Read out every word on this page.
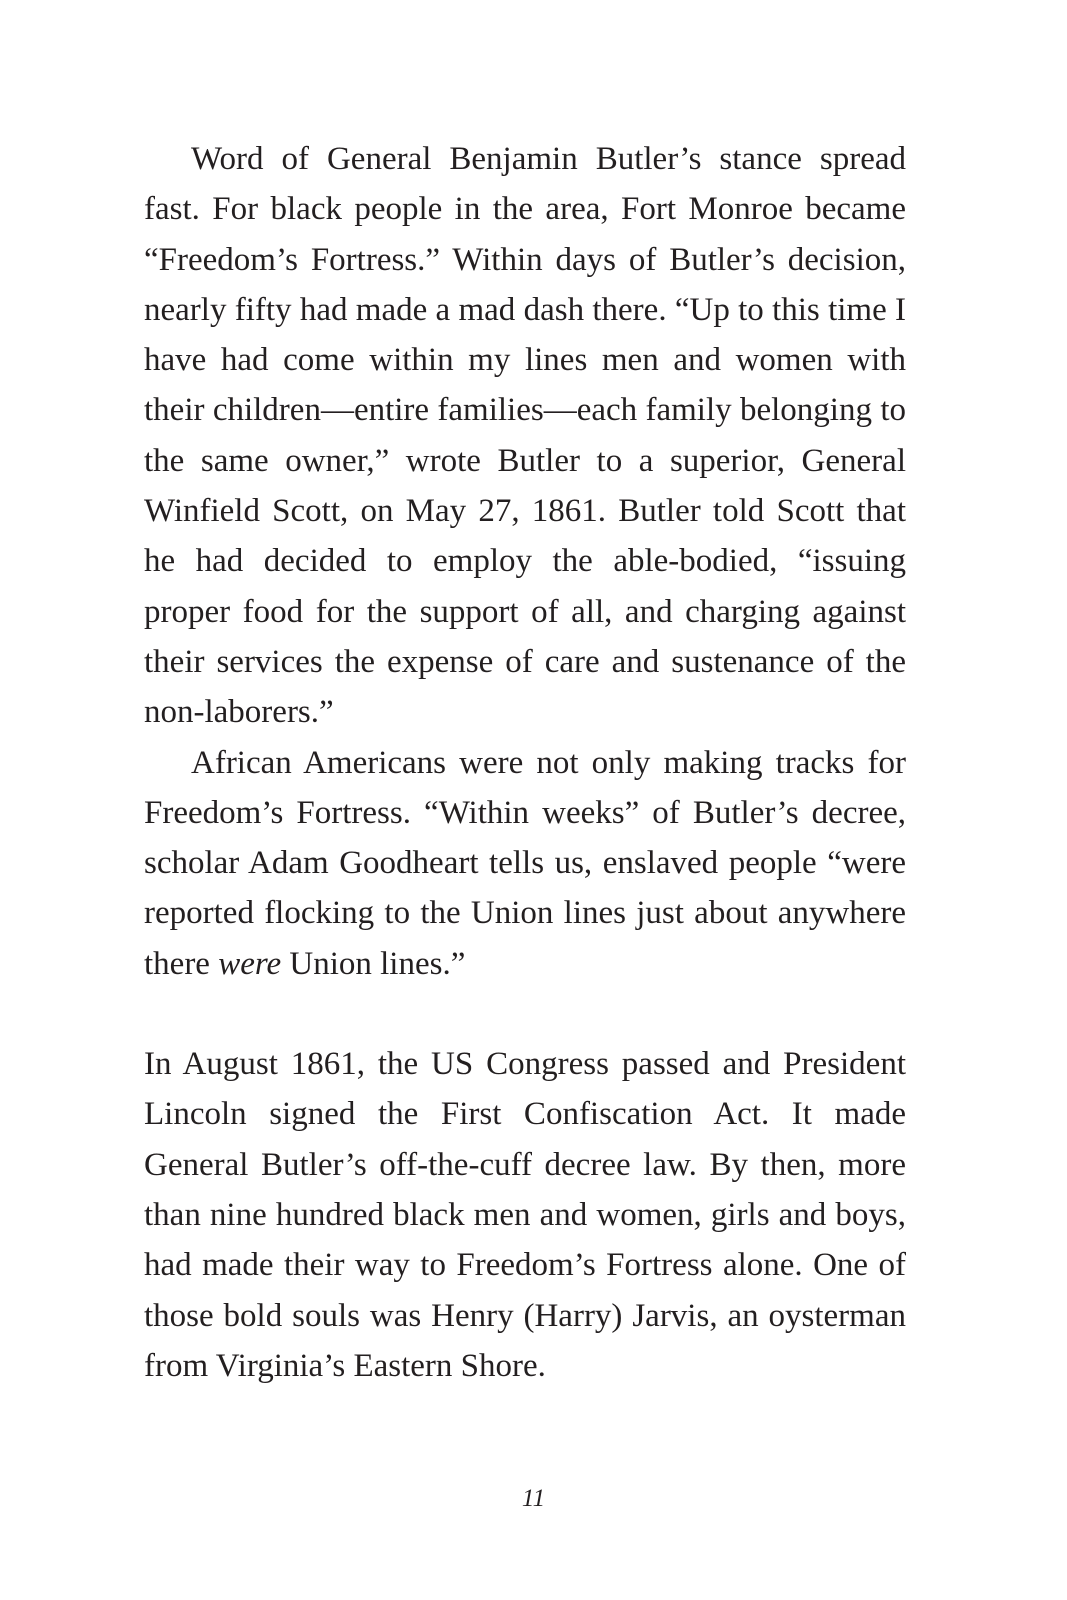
Word of General Benjamin Butler’s stance spread fast. For black people in the area, Fort Monroe became “Freedom’s Fortress.” Within days of Butler’s decision, nearly fifty had made a mad dash there. “Up to this time I have had come within my lines men and women with their children—entire families—each family belonging to the same owner,” wrote Butler to a superior, General Winfield Scott, on May 27, 1861. Butler told Scott that he had decided to employ the able-bodied, “issuing proper food for the support of all, and charging against their services the expense of care and sustenance of the non-laborers.”

African Americans were not only making tracks for Freedom’s Fortress. “Within weeks” of Butler’s decree, scholar Adam Goodheart tells us, enslaved people “were reported flocking to the Union lines just about anywhere there were Union lines.”

In August 1861, the US Congress passed and President Lincoln signed the First Confiscation Act. It made General Butler’s off-the-cuff decree law. By then, more than nine hundred black men and women, girls and boys, had made their way to Freedom’s Fortress alone. One of those bold souls was Henry (Harry) Jarvis, an oysterman from Virginia’s Eastern Shore.

11
